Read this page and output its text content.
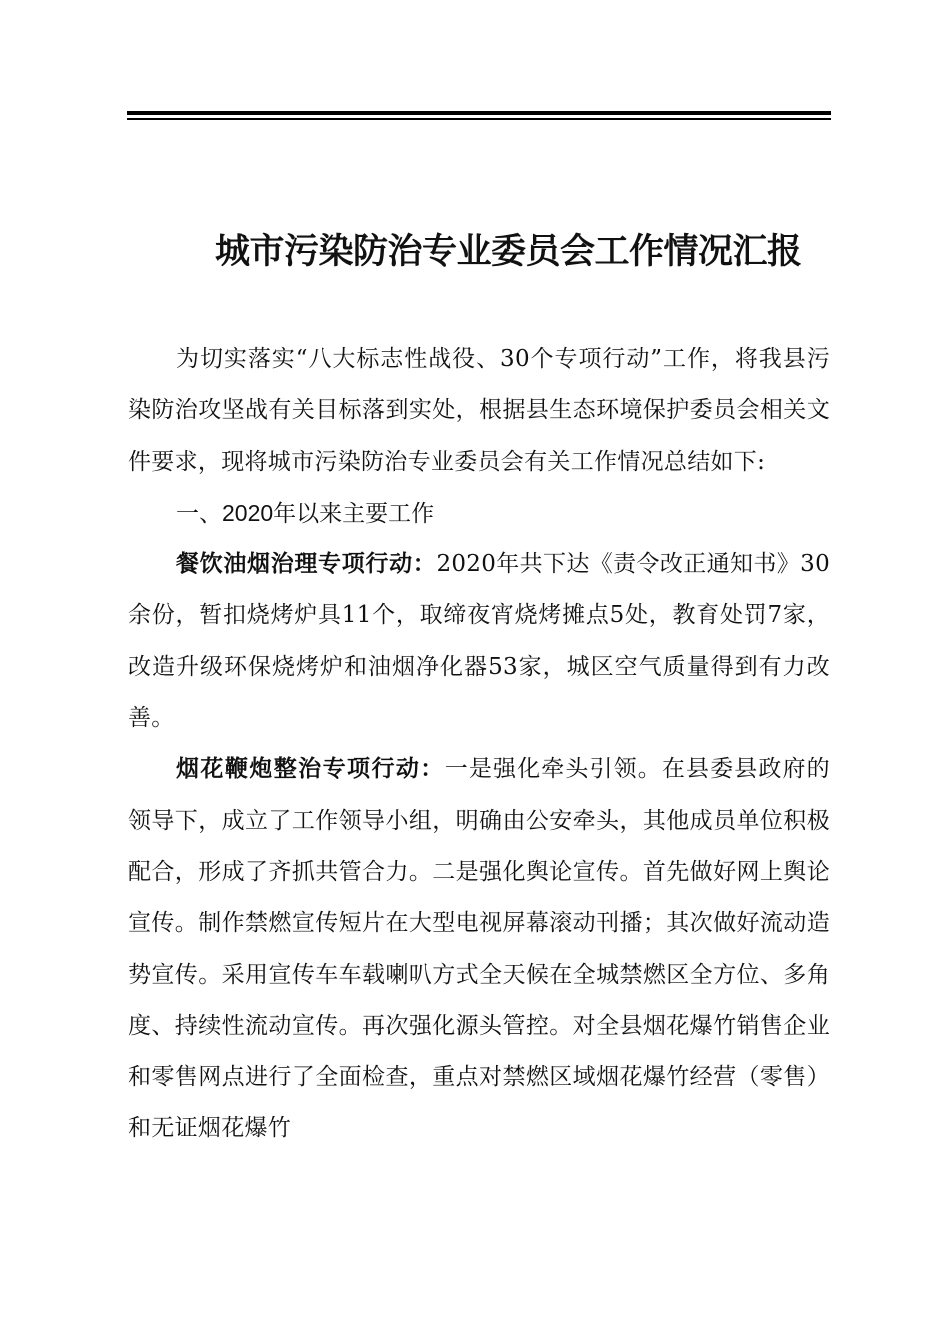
城市污染防治专业委员会工作情况汇报

为切实落实“八大标志性战役、30个专项行动”工作，将我县污染防治攻坚战有关目标落到实处，根据县生态环境保护委员会相关文件要求，现将城市污染防治专业委员会有关工作情况总结如下:

一、2020年以来主要工作

餐饮油烟治理专项行动：2020年共下达《责令改正通知书》30余份，暂扣烧烤炉具11个，取缔夜宵烧烤摊点5处，教育处罚7家，改造升级环保烧烤炉和油烟净化器53家，城区空气质量得到有力改善。

烟花鞭炮整治专项行动：一是强化牵头引领。在县委县政府的领导下，成立了工作领导小组，明确由公安牵头，其他成员单位积极配合，形成了齐抓共管合力。二是强化舆论宣传。首先做好网上舆论宣传。制作禁燃宣传短片在大型电视屏幕滚动刊播；其次做好流动造势宣传。采用宣传车车载喇叭方式全天候在全城禁燃区全方位、多角度、持续性流动宣传。再次强化源头管控。对全县烟花爆竹销售企业和零售网点进行了全面检查，重点对禁燃区域烟花爆竹经营（零售）和无证烟花爆竹
